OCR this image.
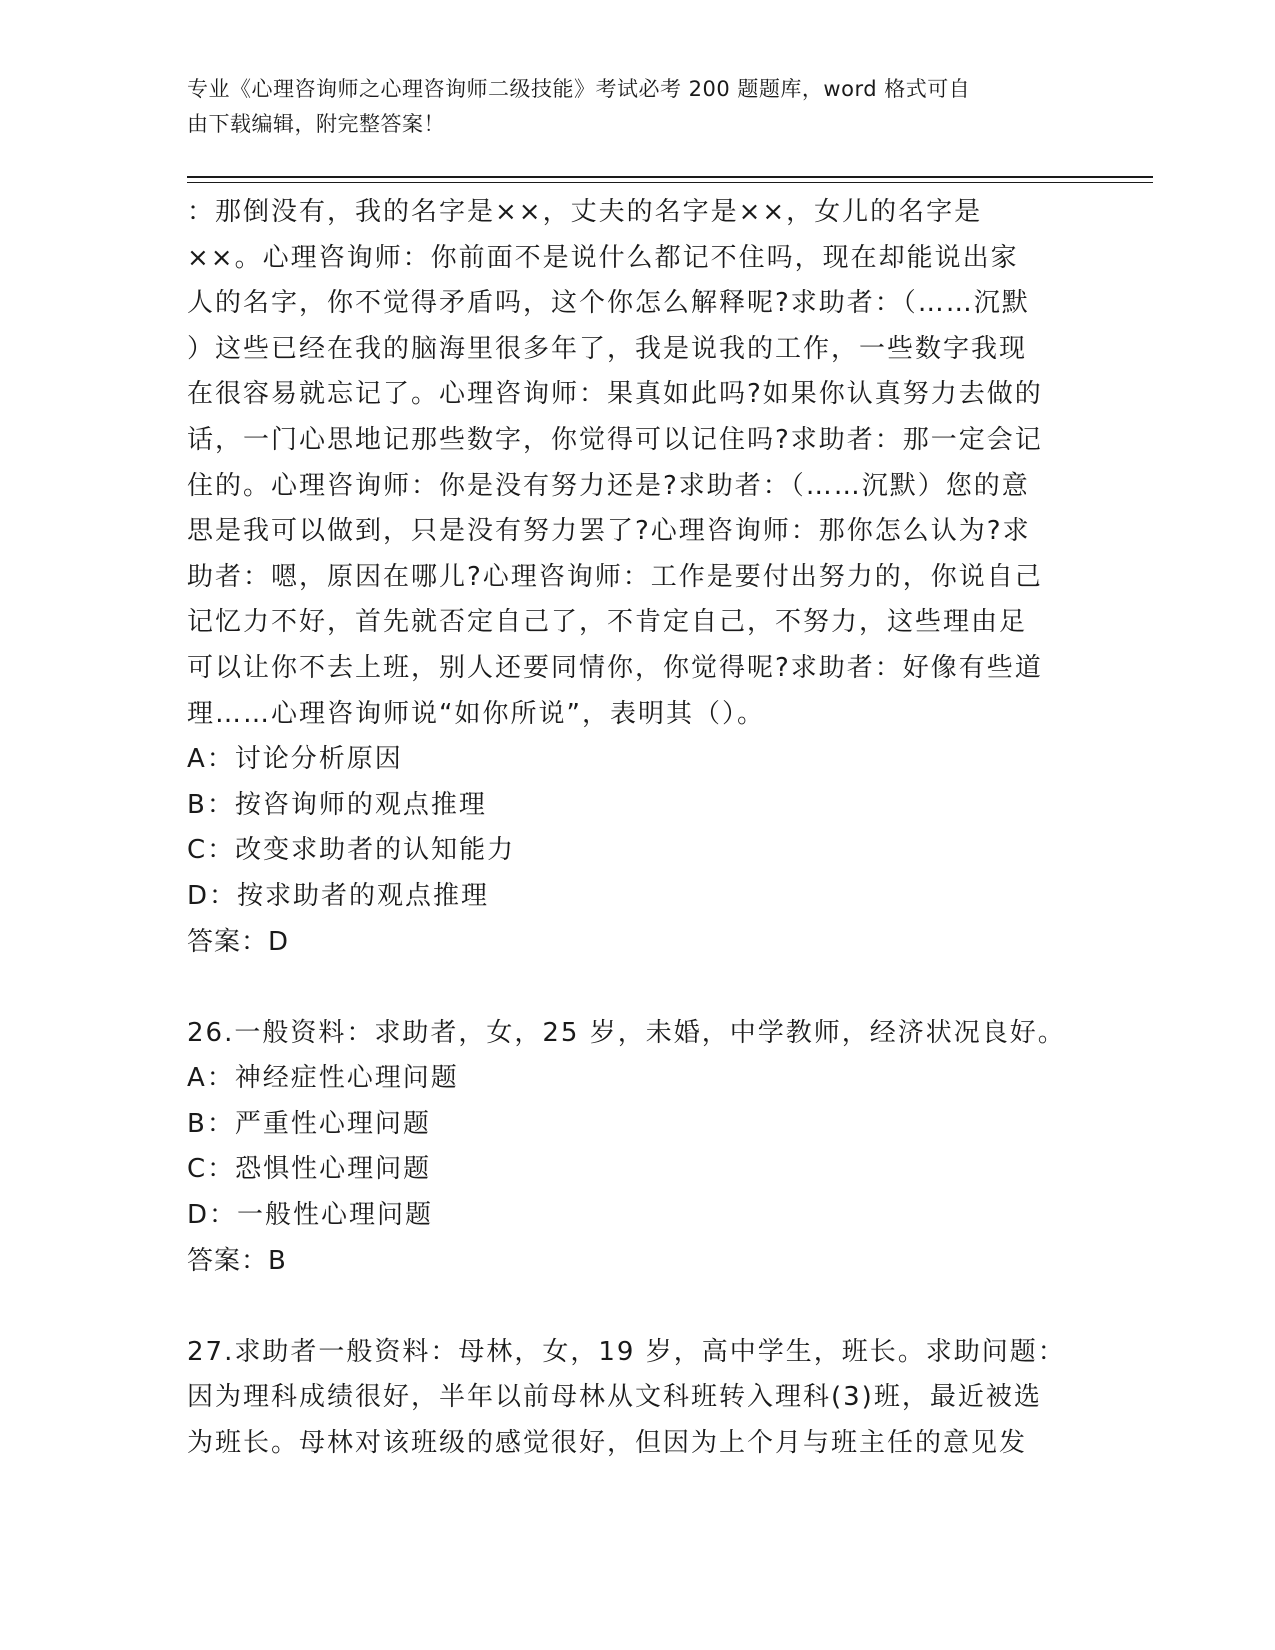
专业《心理咨询师之心理咨询师二级技能》考试必考 200 题题库，word 格式可自
由下载编辑，附完整答案！
：那倒没有，我的名字是××，丈夫的名字是××，女儿的名字是
××。心理咨询师：你前面不是说什么都记不住吗，现在却能说出家
人的名字，你不觉得矛盾吗，这个你怎么解释呢?求助者：（……沉默
）这些已经在我的脑海里很多年了，我是说我的工作，一些数字我现
在很容易就忘记了。心理咨询师：果真如此吗?如果你认真努力去做的
话，一门心思地记那些数字，你觉得可以记住吗?求助者：那一定会记
住的。心理咨询师：你是没有努力还是?求助者：（……沉默）您的意
思是我可以做到，只是没有努力罢了?心理咨询师：那你怎么认为?求
助者：嗯，原因在哪儿?心理咨询师：工作是要付出努力的，你说自己
记忆力不好，首先就否定自己了，不肯定自己，不努力，这些理由足
可以让你不去上班，别人还要同情你，你觉得呢?求助者：好像有些道
理……心理咨询师说“如你所说”，表明其（）。
A：讨论分析原因
B：按咨询师的观点推理
C：改变求助者的认知能力
D：按求助者的观点推理
答案：D
26.一般资料：求助者，女，25 岁，未婚，中学教师，经济状况良好。
A：神经症性心理问题
B：严重性心理问题
C：恐惧性心理问题
D：一般性心理问题
答案：B
27.求助者一般资料：母林，女，19 岁，高中学生，班长。求助问题：
因为理科成绩很好，半年以前母林从文科班转入理科(3)班，最近被选
为班长。母林对该班级的感觉很好，但因为上个月与班主任的意见发
